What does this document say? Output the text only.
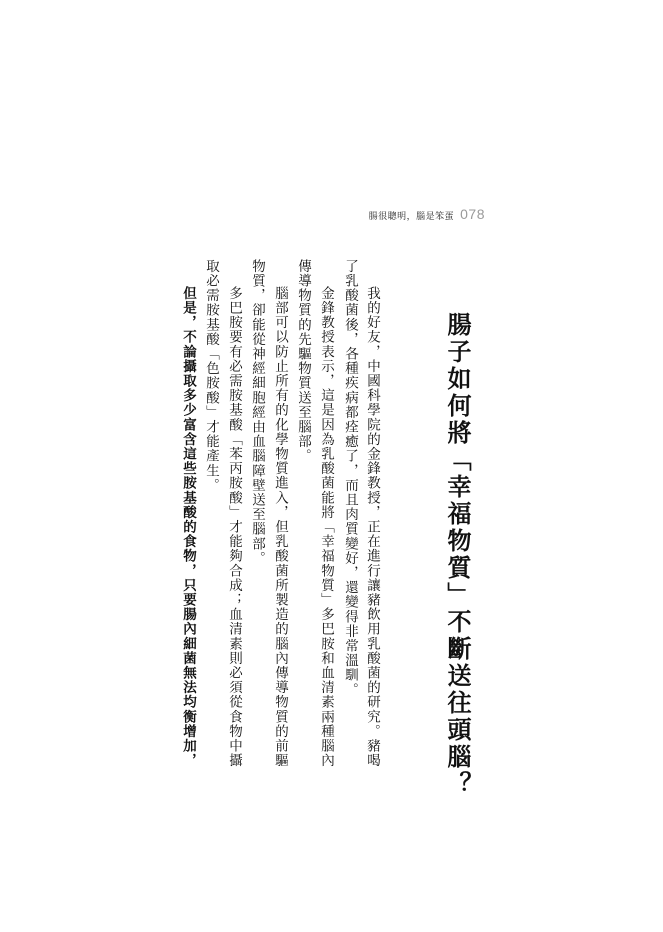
腸很聰明，腦是笨蛋 078
腸子如何將「幸福物質」不斷送往頭腦？
我的好友，中國科學院的金鋒教授，正在進行讓豬飲用乳酸菌的研究。豬喝
了乳酸菌後，各種疾病都痊癒了，而且肉質變好，還變得非常溫馴。
金鋒教授表示，這是因為乳酸菌能將「幸福物質」多巴胺和血清素兩種腦內
傳導物質的先驅物質送至腦部。
腦部可以防止所有的化學物質進入，但乳酸菌所製造的腦內傳導物質的前驅
物質，卻能從神經細胞經由血腦障壁送至腦部。
多巴胺要有必需胺基酸「苯丙胺酸」才能夠合成；血清素則必須從食物中攝
取必需胺基酸「色胺酸」才能產生。
但是，不論攝取多少富含這些胺基酸的食物，只要腸內細菌無法均衡增加，
